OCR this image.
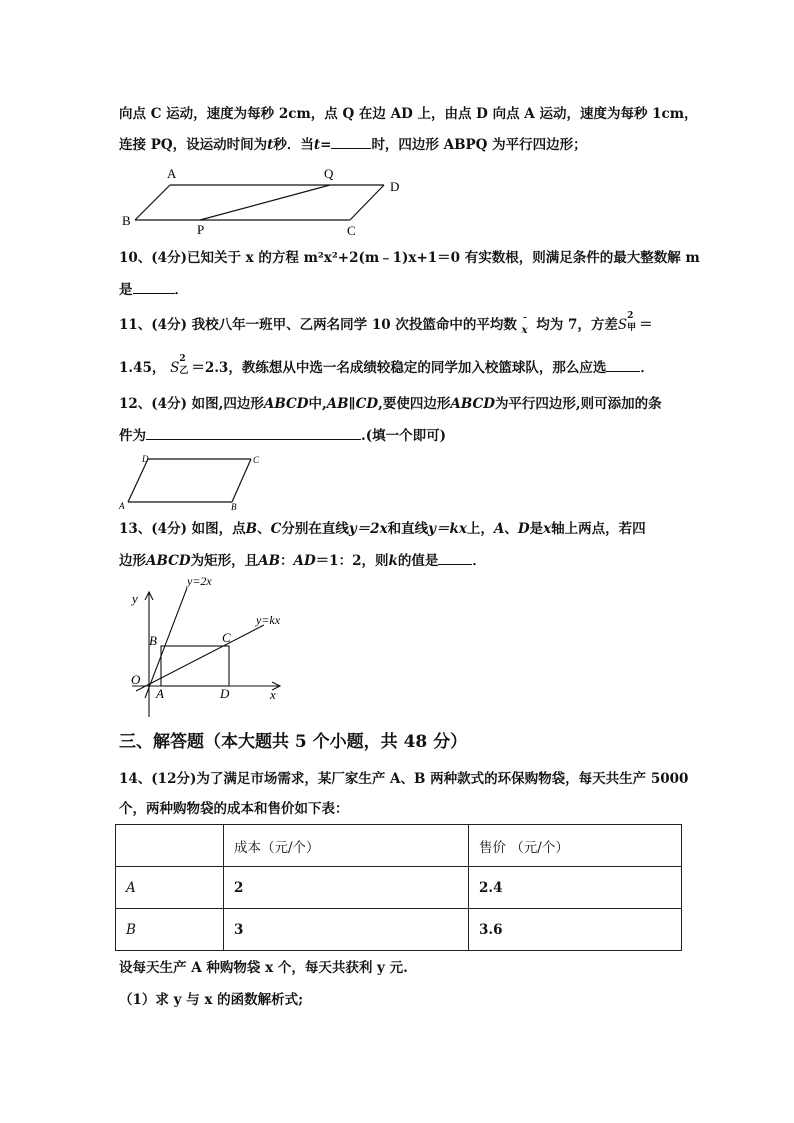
向点 C 运动，速度为每秒 2cm，点 Q 在边 AD 上，由点 D 向点 A 运动，速度为每秒 1cm，
连接 PQ，设运动时间为t秒．当t=	时，四边形 ABPQ 为平行四边形；
A	Q
D
B
P	C
10、(4分)已知关于 x 的方程 m²x²+2(m﹣1)x+1＝0 有实数根，则满足条件的最大整数解 m
是	．
11、(4分) 我校八年一班甲、乙两名同学 10 次投篮命中的平均数 ¯
x 均为 7，方差S
2
甲 ＝
1.45， S
2
乙 ＝2.3，教练想从中选一名成绩较稳定的同学加入校篮球队，那么应选	．
12、(4分) 如图,四边形ABCD中,AB∥CD,要使四边形ABCD为平行四边形,则可添加的条
件为	.(填一个即可)
D	C
A	B
13、(4分) 如图，点B、C分别在直线y＝2x和直线y＝kx上，A、D是x轴上两点，若四
边形ABCD为矩形，且AB：AD＝1：2，则k的值是	．
y=2x
y=kx
y
x
O
A
B	C
D
三、解答题（本大题共 5 个小题，共 48 分）
14、(12分)为了满足市场需求，某厂家生产 A、B 两种款式的环保购物袋，每天共生产 5000
个，两种购物袋的成本和售价如下表：
	成本（元/个）	售价 （元/个）
A	2	2.4
B	3	3.6
设每天生产 A 种购物袋 x 个，每天共获利 y 元.
（1）求 y 与 x 的函数解析式;
